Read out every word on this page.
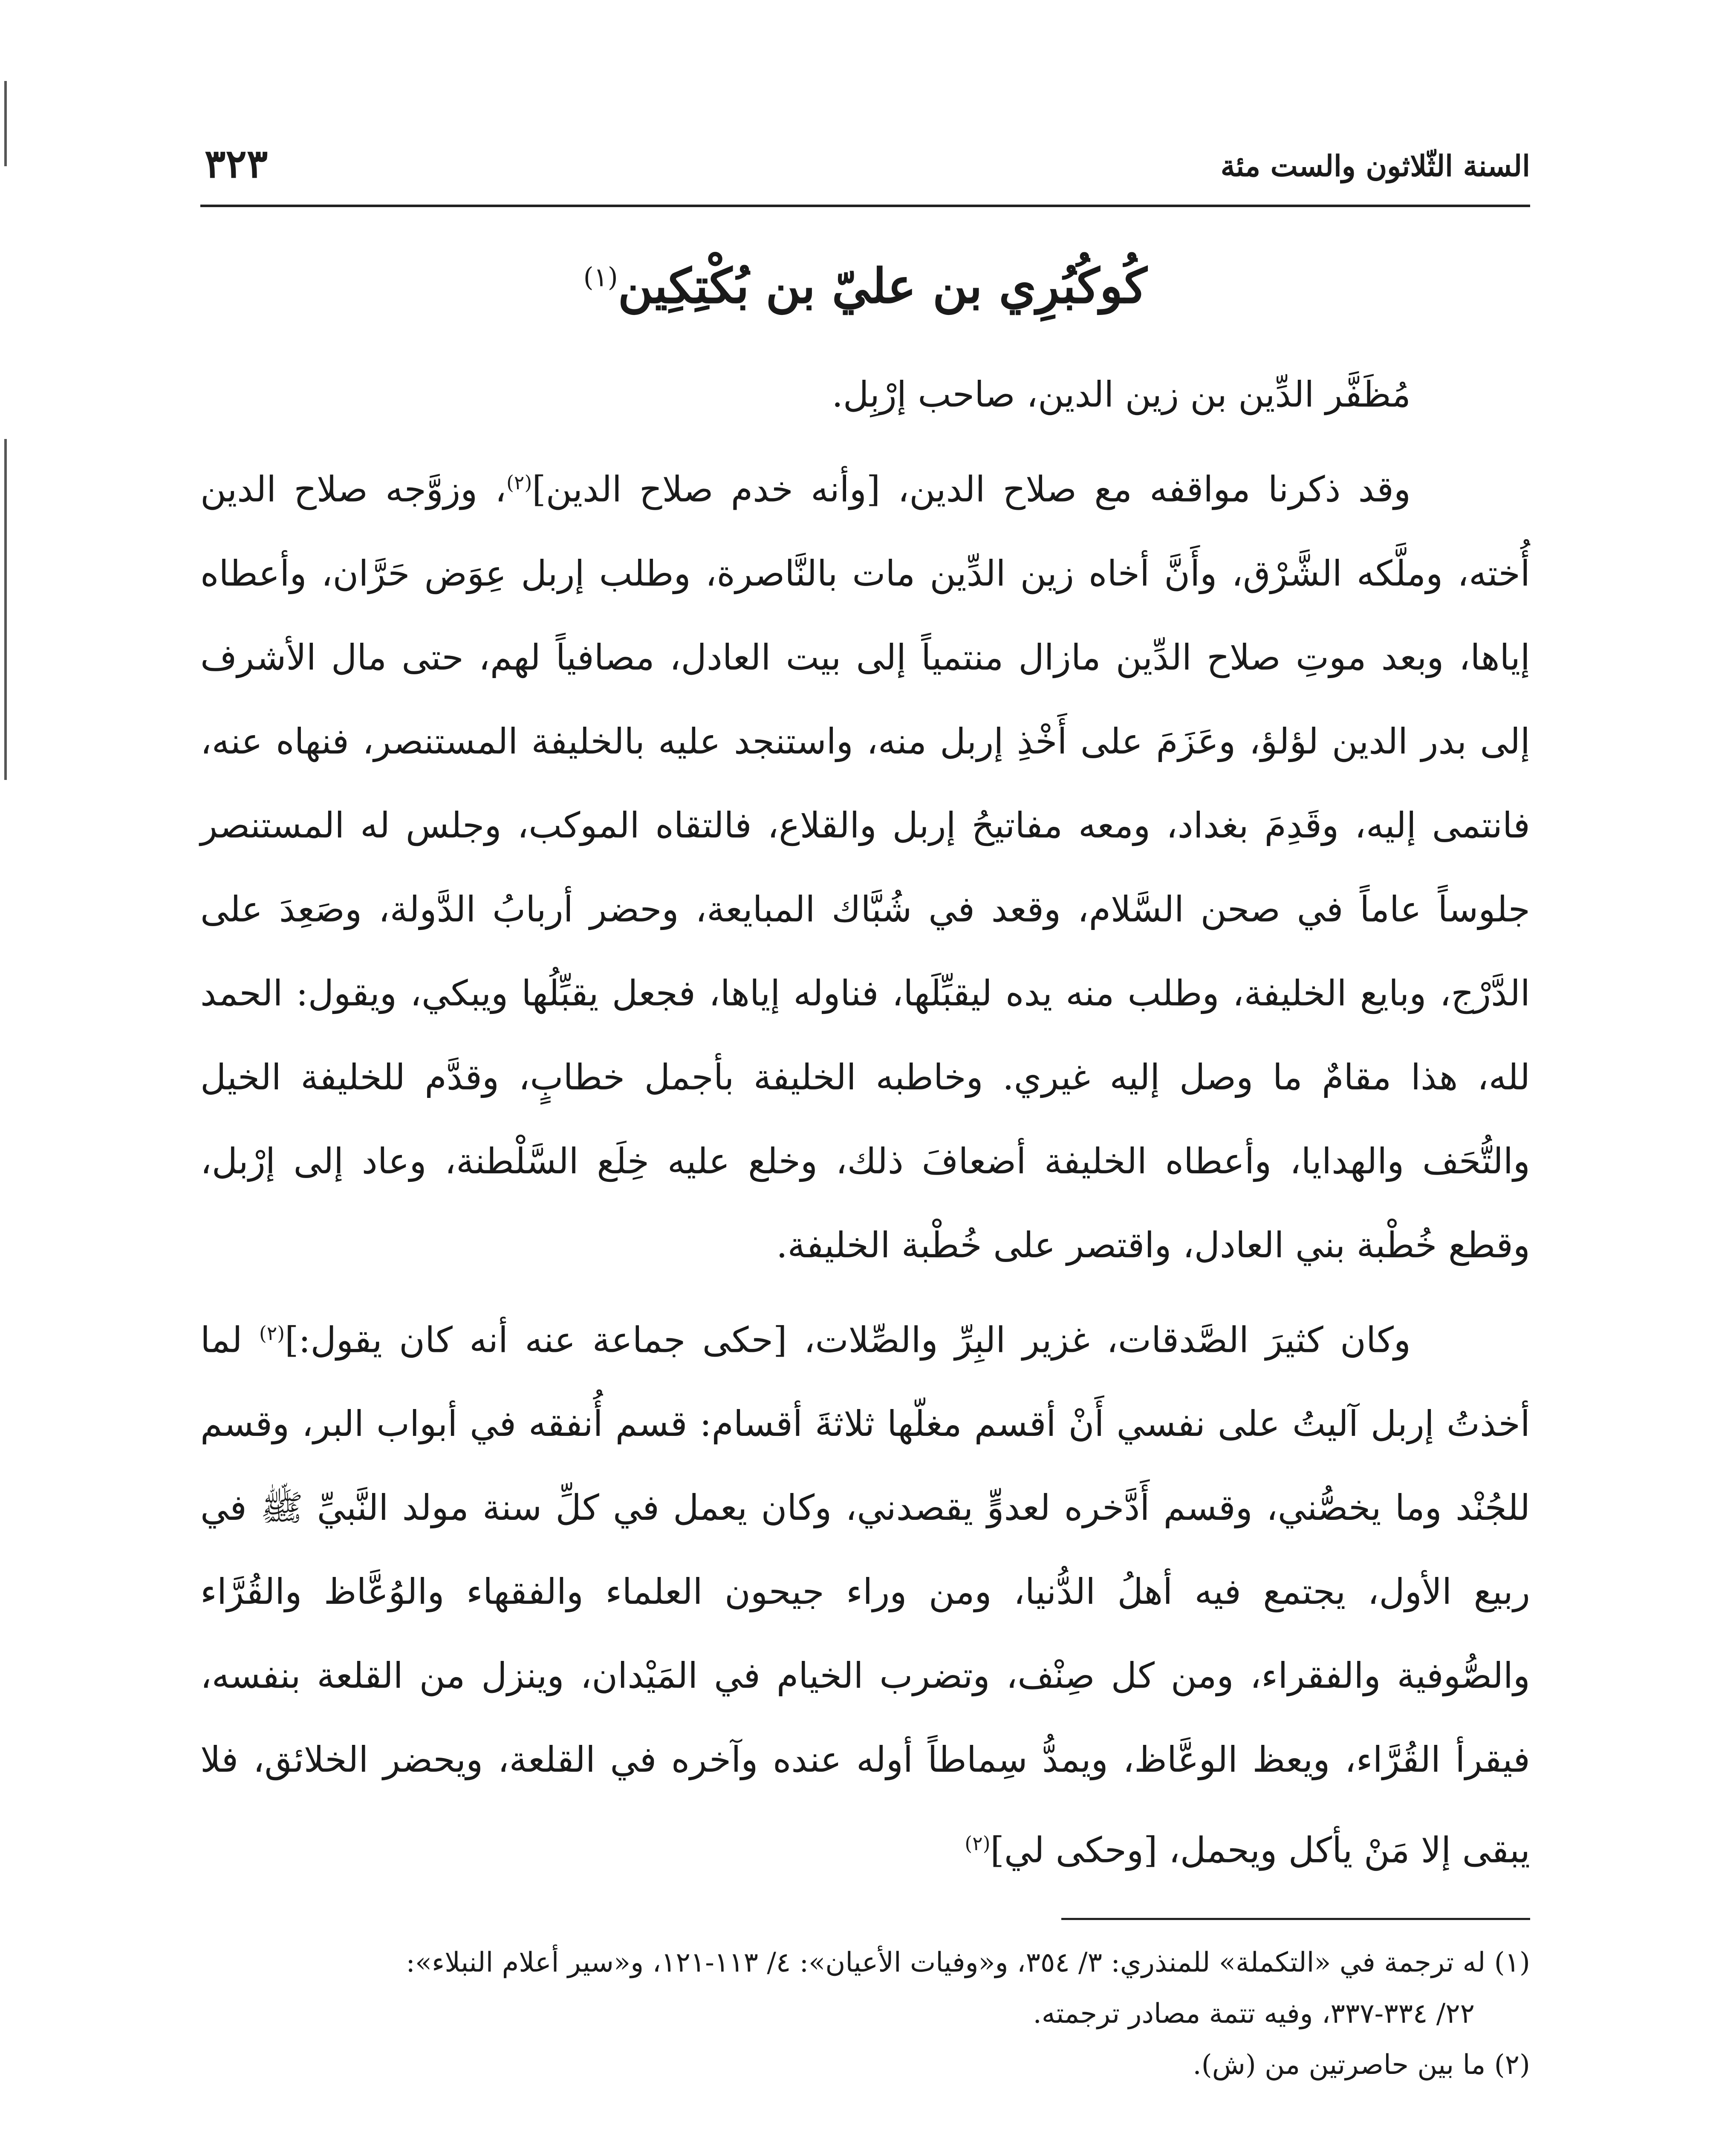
السنة الثّلاثون والست مئة
٣٢٣
كُوكُبُرِي بن عليّ بن بُكْتِكِين$^{(١)}$

مُظَفَّر الدِّين بن زين الدين، صاحب إرْبِل.

وقد ذكرنا مواقفه مع صلاح الدين، [وأنه خدم صلاح الدين]$^{(٢)}$، وزوَّجه صلاح الدين أُخته، وملَّكه الشَّرْق، وأَنَّ أخاه زين الدِّين مات بالنَّاصرة، وطلب إربل عِوَض حَرَّان، وأعطاه إياها، وبعد موتِ صلاح الدِّين مازال منتمياً إلى بيت العادل، مصافياً لهم، حتى مال الأشرف إلى بدر الدين لؤلؤ، وعَزَمَ على أَخْذِ إربل منه، واستنجد عليه بالخليفة المستنصر، فنهاه عنه، فانتمى إليه، وقَدِمَ بغداد، ومعه مفاتيحُ إربل والقلاع، فالتقاه الموكب، وجلس له المستنصر جلوساً عاماً في صحن السَّلام، وقعد في شُبَّاك المبايعة، وحضر أربابُ الدَّولة، وصَعِدَ على الدَّرْج، وبايع الخليفة، وطلب منه يده ليقبِّلَها، فناوله إياها، فجعل يقبِّلُها ويبكي، ويقول: الحمد لله، هذا مقامٌ ما وصل إليه غيري. وخاطبه الخليفة بأجمل خطابٍ، وقدَّم للخليفة الخيل والتُّحَف والهدايا، وأعطاه الخليفة أضعافَ ذلك، وخلع عليه خِلَع السَّلْطنة، وعاد إلى إرْبل، وقطع خُطْبة بني العادل، واقتصر على خُطْبة الخليفة.

وكان كثيرَ الصَّدقات، غزير البِرِّ والصِّلات، [حكى جماعة عنه أنه كان يقول:]$^{(٢)}$ لما أخذتُ إربل آليتُ على نفسي أَنْ أقسم مغلّها ثلاثةَ أقسام: قسم أُنفقه في أبواب البر، وقسم للجُنْد وما يخصُّني، وقسم أَدَّخره لعدوٍّ يقصدني، وكان يعمل في كلِّ سنة مولد النَّبيِّ ﷺ في ربيع الأول، يجتمع فيه أهلُ الدُّنيا، ومن وراء جيحون العلماء والفقهاء والوُعَّاظ والقُرَّاء والصُّوفية والفقراء، ومن كل صِنْف، وتضرب الخيام في المَيْدان، وينزل من القلعة بنفسه، فيقرأ القُرَّاء، ويعظ الوعَّاظ، ويمدُّ سِماطاً أوله عنده وآخره في القلعة، ويحضر الخلائق، فلا يبقى إلا مَنْ يأكل ويحمل، [وحكى لي]$^{(٢)}$

(١) له ترجمة في «التكملة» للمنذري: ٣/ ٣٥٤، و«وفيات الأعيان»: ٤/ ١١٣-١٢١، و«سير أعلام النبلاء»:

٢٢/ ٣٣٤-٣٣٧، وفيه تتمة مصادر ترجمته.

(٢) ما بين حاصرتين من (ش).
